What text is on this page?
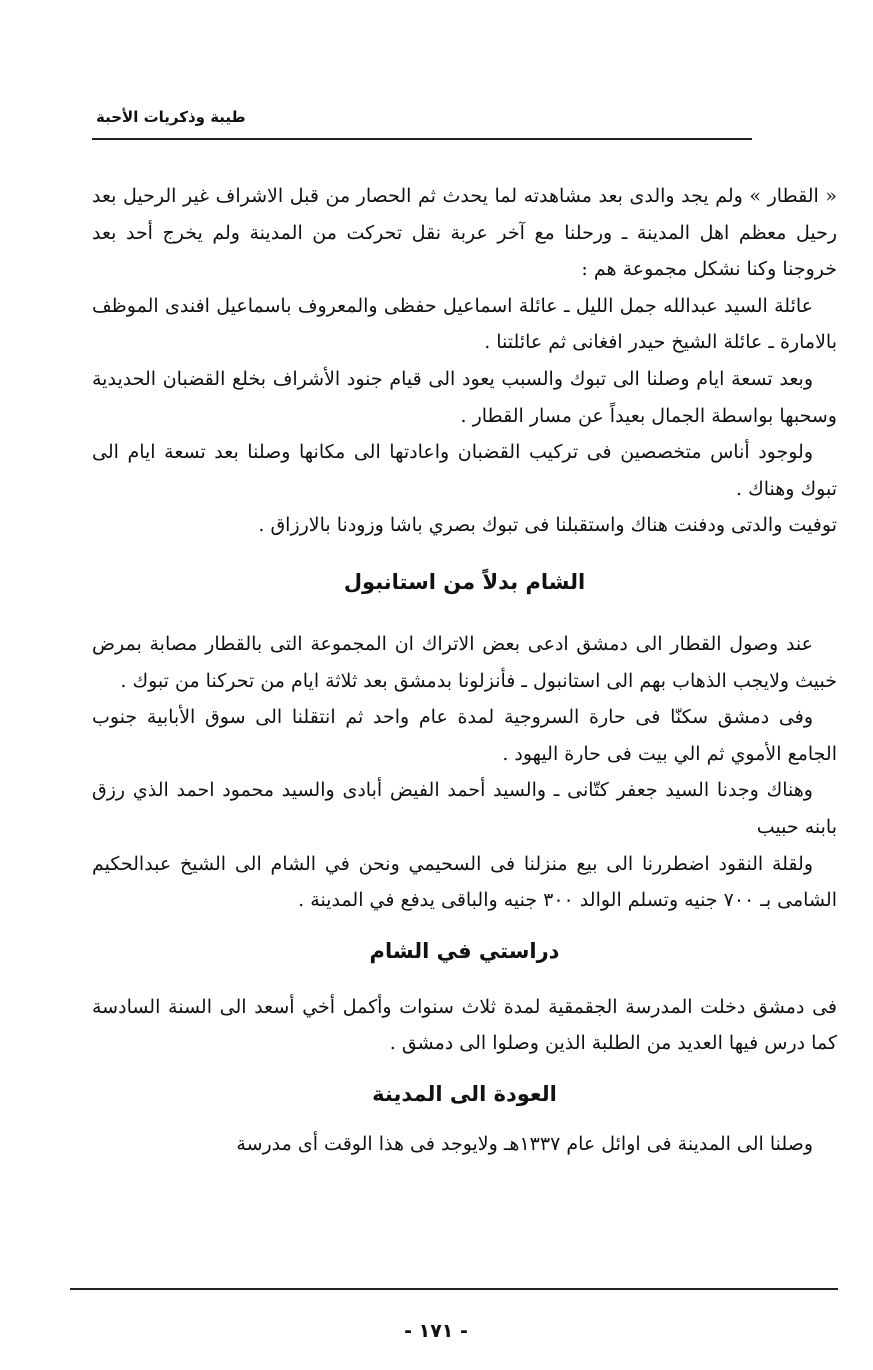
طيبة وذكريات الأحبة

« القطار » ولم يجد والدى بعد مشاهدته لما يحدث ثم الحصار من قبل الاشراف غير الرحيل بعد رحيل معظم اهل المدينة ـ ورحلنا مع آخر عربة نقل تحركت من المدينة ولم يخرج أحد بعد خروجنا وكنا نشكل مجموعة هم :

عائلة السيد عبدالله جمل الليل ـ عائلة اسماعيل حفظى والمعروف باسماعيل افندى الموظف بالامارة ـ عائلة الشيخ حيدر افغانى ثم عائلتنا .

وبعد تسعة ايام وصلنا الى تبوك والسبب يعود الى قيام جنود الأشراف بخلع القضبان الحديدية وسحبها بواسطة الجمال بعيداً عن مسار القطار .

ولوجود أناس متخصصين فى تركيب القضبان واعادتها الى مكانها وصلنا بعد تسعة ايام الى تبوك وهناك .

توفيت والدتى ودفنت هناك واستقبلنا فى تبوك بصري باشا وزودنا بالارزاق .

الشام بدلاً من استانبول

عند وصول القطار الى دمشق ادعى بعض الاتراك ان المجموعة التى بالقطار مصابة بمرض خبيث ولايجب الذهاب بهم الى استانبول ـ فأنزلونا بدمشق بعد ثلاثة ايام من تحركنا من تبوك .

وفى دمشق سكنّا فى حارة السروجية لمدة عام واحد ثم انتقلنا الى سوق الأبابية جنوب الجامع الأموي ثم الي بيت فى حارة اليهود .

وهناك وجدنا السيد جعفر كتّانى ـ والسيد أحمد الفيض أبادى والسيد محمود احمد الذي رزق بابنه حبيب

ولقلة النقود اضطررنا الى بيع منزلنا فى السحيمي ونحن في الشام الى الشيخ عبدالحكيم الشامى بـ ٧٠٠ جنيه وتسلم الوالد ٣٠٠ جنيه والباقى يدفع في المدينة .

دراستي في الشام

فى دمشق دخلت المدرسة الجقمقية لمدة ثلاث سنوات وأكمل أخي أسعد الى السنة السادسة كما درس فيها العديد من الطلبة الذين وصلوا الى دمشق .

العودة الى المدينة

وصلنا الى المدينة فى اوائل عام ١٣٣٧هـ ولايوجد فى هذا الوقت أى مدرسة

- ١٧١ -
